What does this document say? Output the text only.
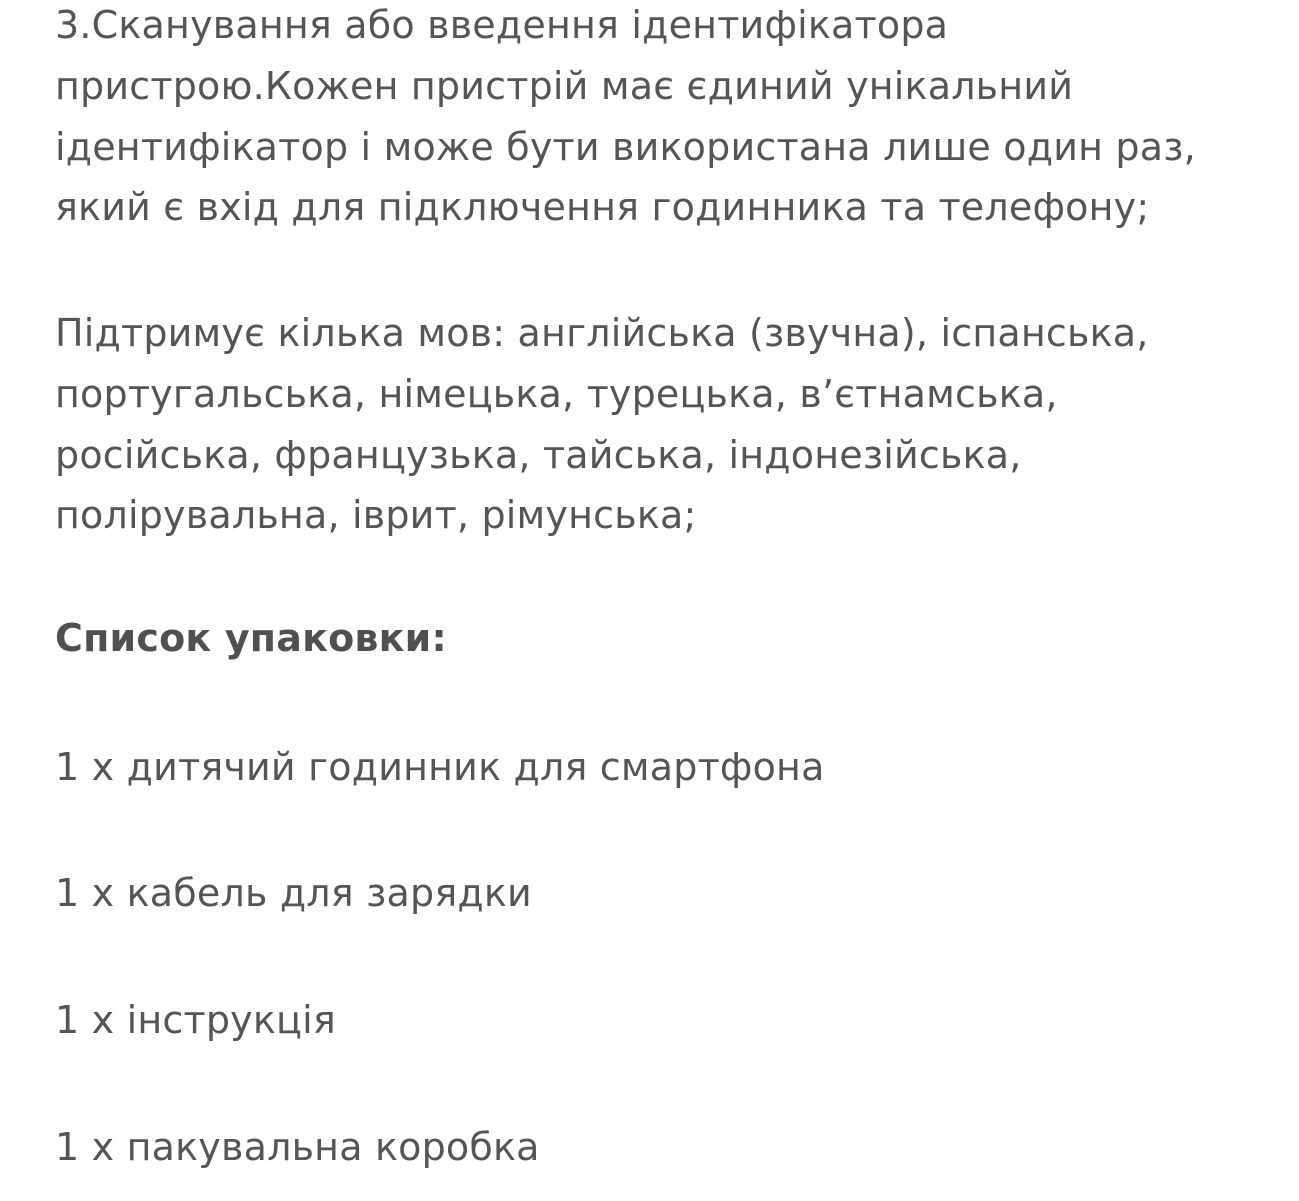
3.Сканування або введення ідентифікатора
пристрою.Кожен пристрій має єдиний унікальний
ідентифікатор і може бути використана лише один раз,
який є вхід для підключення годинника та телефону;
Підтримує кілька мов: англійська (звучна), іспанська,
португальська, німецька, турецька, в’єтнамська,
російська, французька, тайська, індонезійська,
полірувальна, іврит, рімунська;
Список упаковки:
1 x дитячий годинник для смартфона
1 x кабель для зарядки
1 x інструкція
1 x пакувальна коробка
